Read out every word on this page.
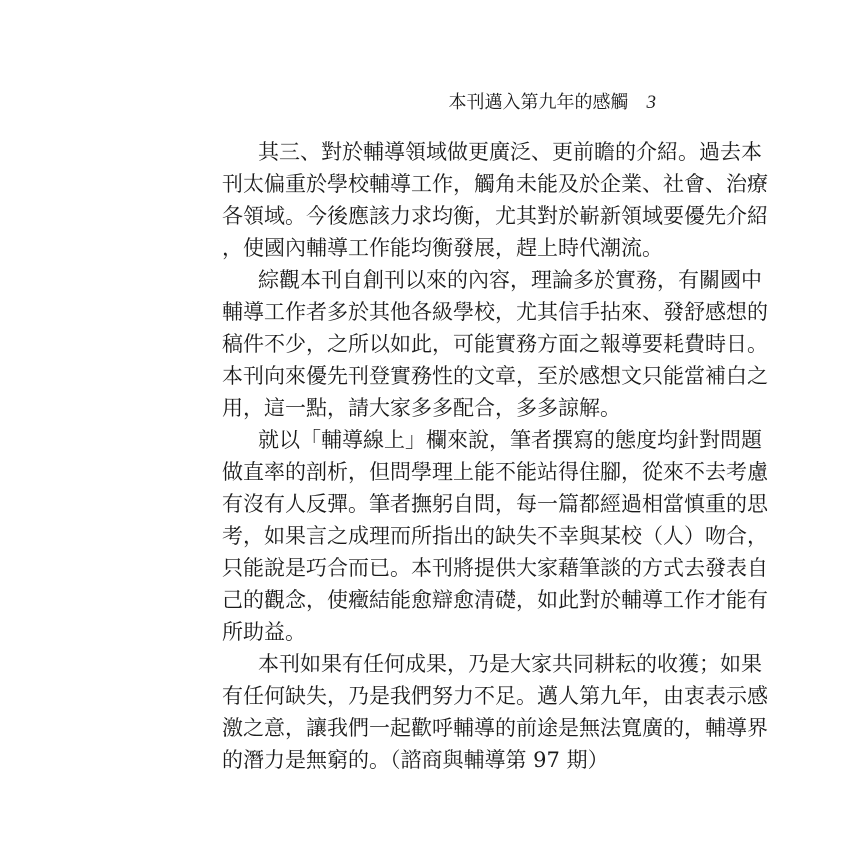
本刊邁入第九年的感觸 3
其三、對於輔導領域做更廣泛、更前瞻的介紹。過去本
刊太偏重於學校輔導工作，觸角未能及於企業、社會、治療
各領域。今後應該力求均衡，尤其對於嶄新領域要優先介紹
，使國內輔導工作能均衡發展，趕上時代潮流。
綜觀本刊自創刊以來的內容，理論多於實務，有關國中
輔導工作者多於其他各級學校，尤其信手拈來、發舒感想的
稿件不少，之所以如此，可能實務方面之報導要耗費時日。
本刊向來優先刊登實務性的文章，至於感想文只能當補白之
用，這一點，請大家多多配合，多多諒解。
就以「輔導線上」欄來說，筆者撰寫的態度均針對問題
做直率的剖析，但問學理上能不能站得住腳，從來不去考慮
有沒有人反彈。筆者撫躬自問，每一篇都經過相當慎重的思
考，如果言之成理而所指出的缺失不幸與某校（人）吻合，
只能說是巧合而已。本刊將提供大家藉筆談的方式去發表自
己的觀念，使癥結能愈辯愈清礎，如此對於輔導工作才能有
所助益。
本刊如果有任何成果，乃是大家共同耕耘的收獲；如果
有任何缺失，乃是我們努力不足。邁人第九年，由衷表示感
激之意，讓我們一起歡呼輔導的前途是無法寬廣的，輔導界
的潛力是無窮的。（諮商與輔導第 97 期）
